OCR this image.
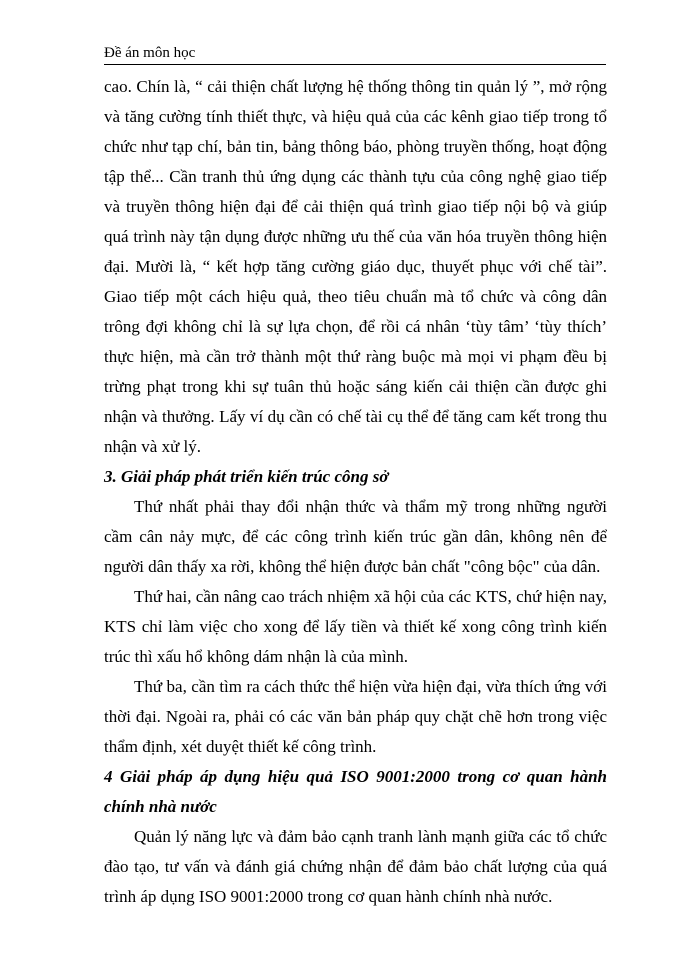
Đề án môn học

cao. Chín là, “ cải thiện chất lượng hệ thống thông tin quản lý ”, mở rộng và tăng cường tính thiết thực, và hiệu quả của các kênh giao tiếp trong tổ chức như tạp chí, bản tin, bảng thông báo, phòng truyền thống, hoạt động tập thể... Cần tranh thủ ứng dụng các thành tựu của công nghệ giao tiếp và truyền thông hiện đại để cải thiện quá trình giao tiếp nội bộ và giúp quá trình này tận dụng được những ưu thế của văn hóa truyền thông hiện đại. Mười là, “ kết hợp tăng cường giáo dục, thuyết phục với chế tài”. Giao tiếp một cách hiệu quả, theo tiêu chuẩn mà tổ chức và công dân trông đợi không chỉ là sự lựa chọn, để rồi cá nhân ‘tùy tâm’ ‘tùy thích’ thực hiện, mà cần trở thành một thứ ràng buộc mà mọi vi phạm đều bị trừng phạt trong khi sự tuân thủ hoặc sáng kiến cải thiện cần được ghi nhận và thưởng. Lấy ví dụ cần có chế tài cụ thể để tăng cam kết trong thu nhận và xử lý.

3. Giải pháp phát triển kiến trúc công sở

Thứ nhất phải thay đổi nhận thức và thẩm mỹ trong những người cầm cân nảy mực, để các công trình kiến trúc gần dân, không nên để người dân thấy xa rời, không thể hiện được bản chất "công bộc" của dân.

Thứ hai, cần nâng cao trách nhiệm xã hội của các KTS, chứ hiện nay, KTS chỉ làm việc cho xong để lấy tiền và thiết kế xong công trình kiến trúc thì xấu hổ không dám nhận là của mình.

Thứ ba, cần tìm ra cách thức thể hiện vừa hiện đại, vừa thích ứng với thời đại. Ngoài ra, phải có các văn bản pháp quy chặt chẽ hơn trong việc thẩm định, xét duyệt thiết kế công trình.

4 Giải pháp áp dụng hiệu quả ISO 9001:2000 trong cơ quan hành chính nhà nước

Quản lý năng lực và đảm bảo cạnh tranh lành mạnh giữa các tổ chức đào tạo, tư vấn và đánh giá chứng nhận để đảm bảo chất lượng của quá trình áp dụng ISO 9001:2000 trong cơ quan hành chính nhà nước.
